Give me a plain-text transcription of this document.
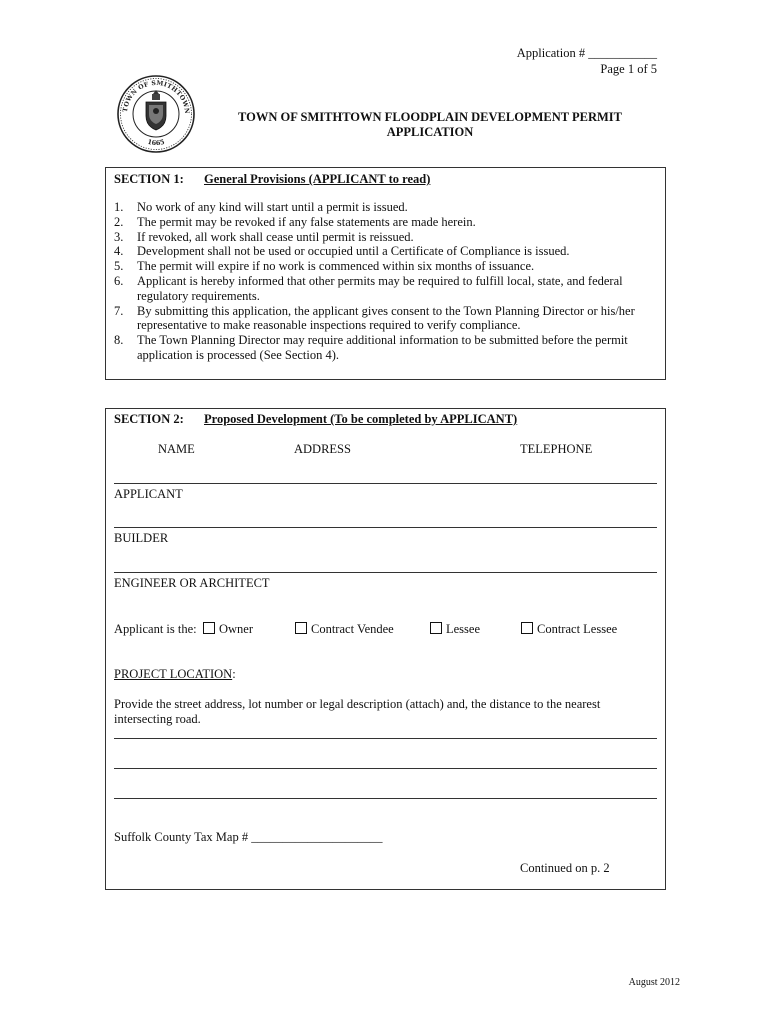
Application # ___________
Page 1 of 5
TOWN OF SMITHTOWN
1665
TOWN OF SMITHTOWN FLOODPLAIN DEVELOPMENT PERMIT
APPLICATION
SECTION 1: General Provisions (APPLICANT to read)
1. No work of any kind will start until a permit is issued.
2. The permit may be revoked if any false statements are made herein.
3. If revoked, all work shall cease until permit is reissued.
4. Development shall not be used or occupied until a Certificate of Compliance is issued.
5. The permit will expire if no work is commenced within six months of issuance.
6. Applicant is hereby informed that other permits may be required to fulfill local, state, and federal regulatory requirements.
7. By submitting this application, the applicant gives consent to the Town Planning Director or his/her representative to make reasonable inspections required to verify compliance.
8. The Town Planning Director may require additional information to be submitted before the permit application is processed (See Section 4).
SECTION 2: Proposed Development (To be completed by APPLICANT)
NAME	ADDRESS	TELEPHONE
APPLICANT
BUILDER
ENGINEER OR ARCHITECT
Applicant is the:	Owner	Contract Vendee	Lessee	Contract Lessee
PROJECT LOCATION:
Provide the street address, lot number or legal description (attach) and, the distance to the nearest intersecting road.
Suffolk County Tax Map # _____________________
Continued on p. 2
August 2012
